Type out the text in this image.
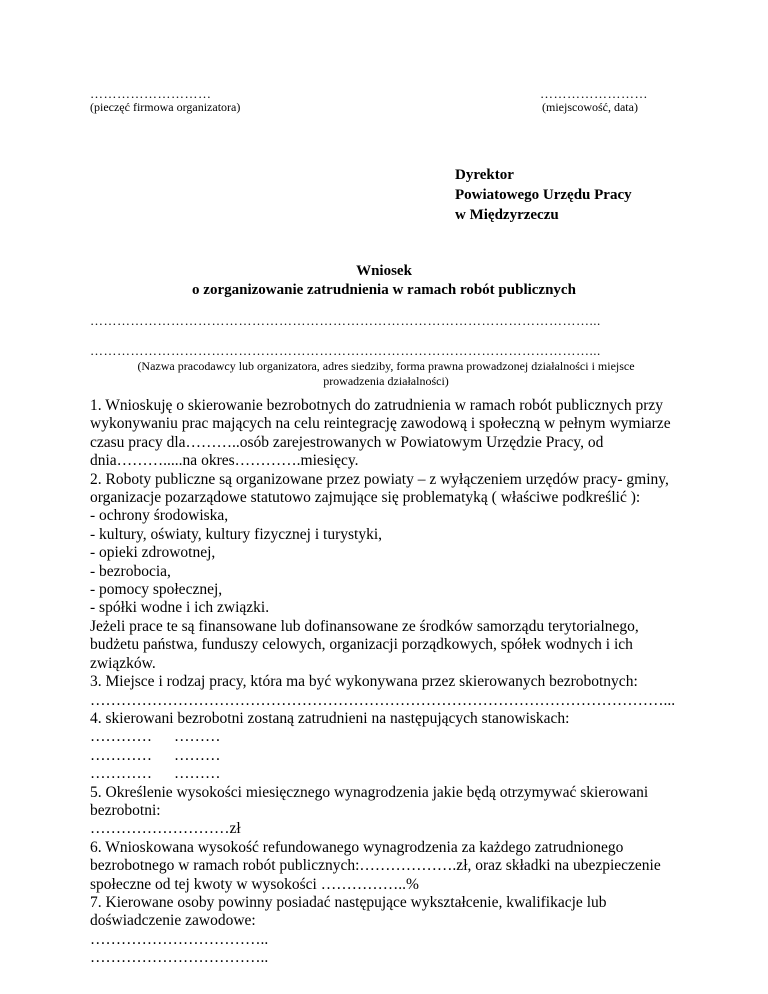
………………………
(pieczęć firmowa organizatora)
……………………
(miejscowość, data)
Dyrektor
Powiatowego Urzędu Pracy
w Międzyrzeczu
Wniosek
o zorganizowanie zatrudnienia w ramach robót publicznych
…………………………………………………………………………………………………...
…………………………………………………………………………………………………...
(Nazwa pracodawcy lub organizatora, adres siedziby, forma prawna prowadzonej działalności i miejsce
prowadzenia działalności)
1. Wnioskuję o skierowanie bezrobotnych do zatrudnienia w ramach robót publicznych przy
wykonywaniu prac mających na celu reintegrację zawodową i społeczną w pełnym wymiarze
czasu pracy dla………..osób zarejestrowanych w Powiatowym Urzędzie Pracy, od
dnia……….....na okres………….miesięcy.
2. Roboty publiczne są organizowane przez powiaty – z wyłączeniem urzędów pracy- gminy,
organizacje pozarządowe statutowo zajmujące się problematyką ( właściwe podkreślić ):
- ochrony środowiska,
- kultury, oświaty, kultury fizycznej i turystyki,
- opieki zdrowotnej,
- bezrobocia,
- pomocy społecznej,
- spółki wodne i ich związki.
Jeżeli prace te są finansowane lub dofinansowane ze środków samorządu terytorialnego,
budżetu państwa, funduszy celowych, organizacji porządkowych, spółek wodnych i ich
związków.
3. Miejsce i rodzaj pracy, która ma być wykonywana przez skierowanych bezrobotnych:
…………………………………………………………………………………………………...
4. skierowani bezrobotni zostaną zatrudnieni na następujących stanowiskach:
…………	………
…………	………
…………	………
5. Określenie wysokości miesięcznego wynagrodzenia jakie będą otrzymywać skierowani
bezrobotni:
………………………zł
6. Wnioskowana wysokość refundowanego wynagrodzenia za każdego zatrudnionego
bezrobotnego w ramach robót publicznych:……………….zł, oraz składki na ubezpieczenie
społeczne od tej kwoty w wysokości ……………..%
7. Kierowane osoby powinny posiadać następujące wykształcenie, kwalifikacje lub
doświadczenie zawodowe:
……………………………..
……………………………..
